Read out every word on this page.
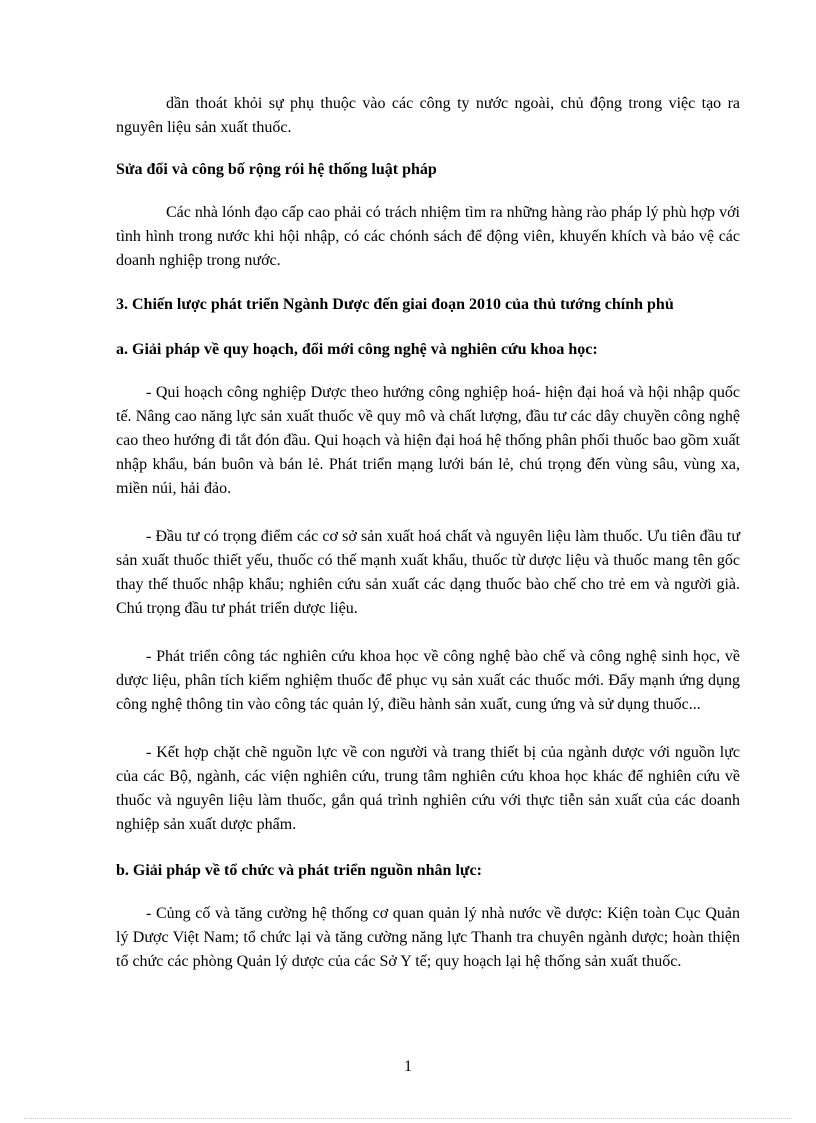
dần thoát khỏi sự phụ thuộc vào các công ty nước ngoài, chủ động trong việc tạo ra nguyên liệu sản xuất thuốc.

Sửa đổi và công bố rộng rói hệ thống luật pháp

Các nhà lónh đạo cấp cao phải có trách nhiệm tìm ra những hàng rào pháp lý phù hợp với tình hình trong nước khi hội nhập, có các chónh sách để động viên, khuyến khích và bảo vệ các doanh nghiệp trong nước.

3. Chiến lược phát triển Ngành Dược đến giai đoạn 2010 của thủ tướng chính phủ

a. Giải pháp về quy hoạch, đổi mới công nghệ và nghiên cứu khoa học:

- Qui hoạch công nghiệp Dược theo hướng công nghiệp hoá- hiện đại hoá và hội nhập quốc tế. Nâng cao năng lực sản xuất thuốc về quy mô và chất lượng, đầu tư các dây chuyền công nghệ cao theo hướng đi tắt đón đầu. Qui hoạch và hiện đại hoá hệ thống phân phối thuốc bao gồm xuất nhập khẩu, bán buôn và bán lẻ. Phát triển mạng lưới bán lẻ, chú trọng đến vùng sâu, vùng xa, miền núi, hải đảo.

- Đầu tư có trọng điểm các cơ sở sản xuất hoá chất và nguyên liệu làm thuốc. Ưu tiên đầu tư sản xuất thuốc thiết yếu, thuốc có thế mạnh xuất khẩu, thuốc từ dược liệu và thuốc mang tên gốc thay thế thuốc nhập khẩu; nghiên cứu sản xuất các dạng thuốc bào chế cho trẻ em và người già. Chú trọng đầu tư phát triển dược liệu.

- Phát triển công tác nghiên cứu khoa học về công nghệ bào chế và công nghệ sinh học, về dược liệu, phân tích kiểm nghiệm thuốc để phục vụ sản xuất các thuốc mới. Đẩy mạnh ứng dụng công nghệ thông tin vào công tác quản lý, điều hành sản xuất, cung ứng và sử dụng thuốc...

- Kết hợp chặt chẽ nguồn lực về con người và trang thiết bị của ngành dược với nguồn lực của các Bộ, ngành, các viện nghiên cứu, trung tâm nghiên cứu khoa học khác để nghiên cứu về thuốc và nguyên liệu làm thuốc, gắn quá trình nghiên cứu với thực tiễn sản xuất của các doanh nghiệp sản xuất dược phẩm.

b. Giải pháp về tổ chức và phát triển nguồn nhân lực:

- Củng cố và tăng cường hệ thống cơ quan quản lý nhà nước về dược: Kiện toàn Cục Quản lý Dược Việt Nam; tổ chức lại và tăng cường năng lực Thanh tra chuyên ngành dược; hoàn thiện tổ chức các phòng Quản lý dược của các Sở Y tế; quy hoạch lại hệ thống sản xuất thuốc.

1
